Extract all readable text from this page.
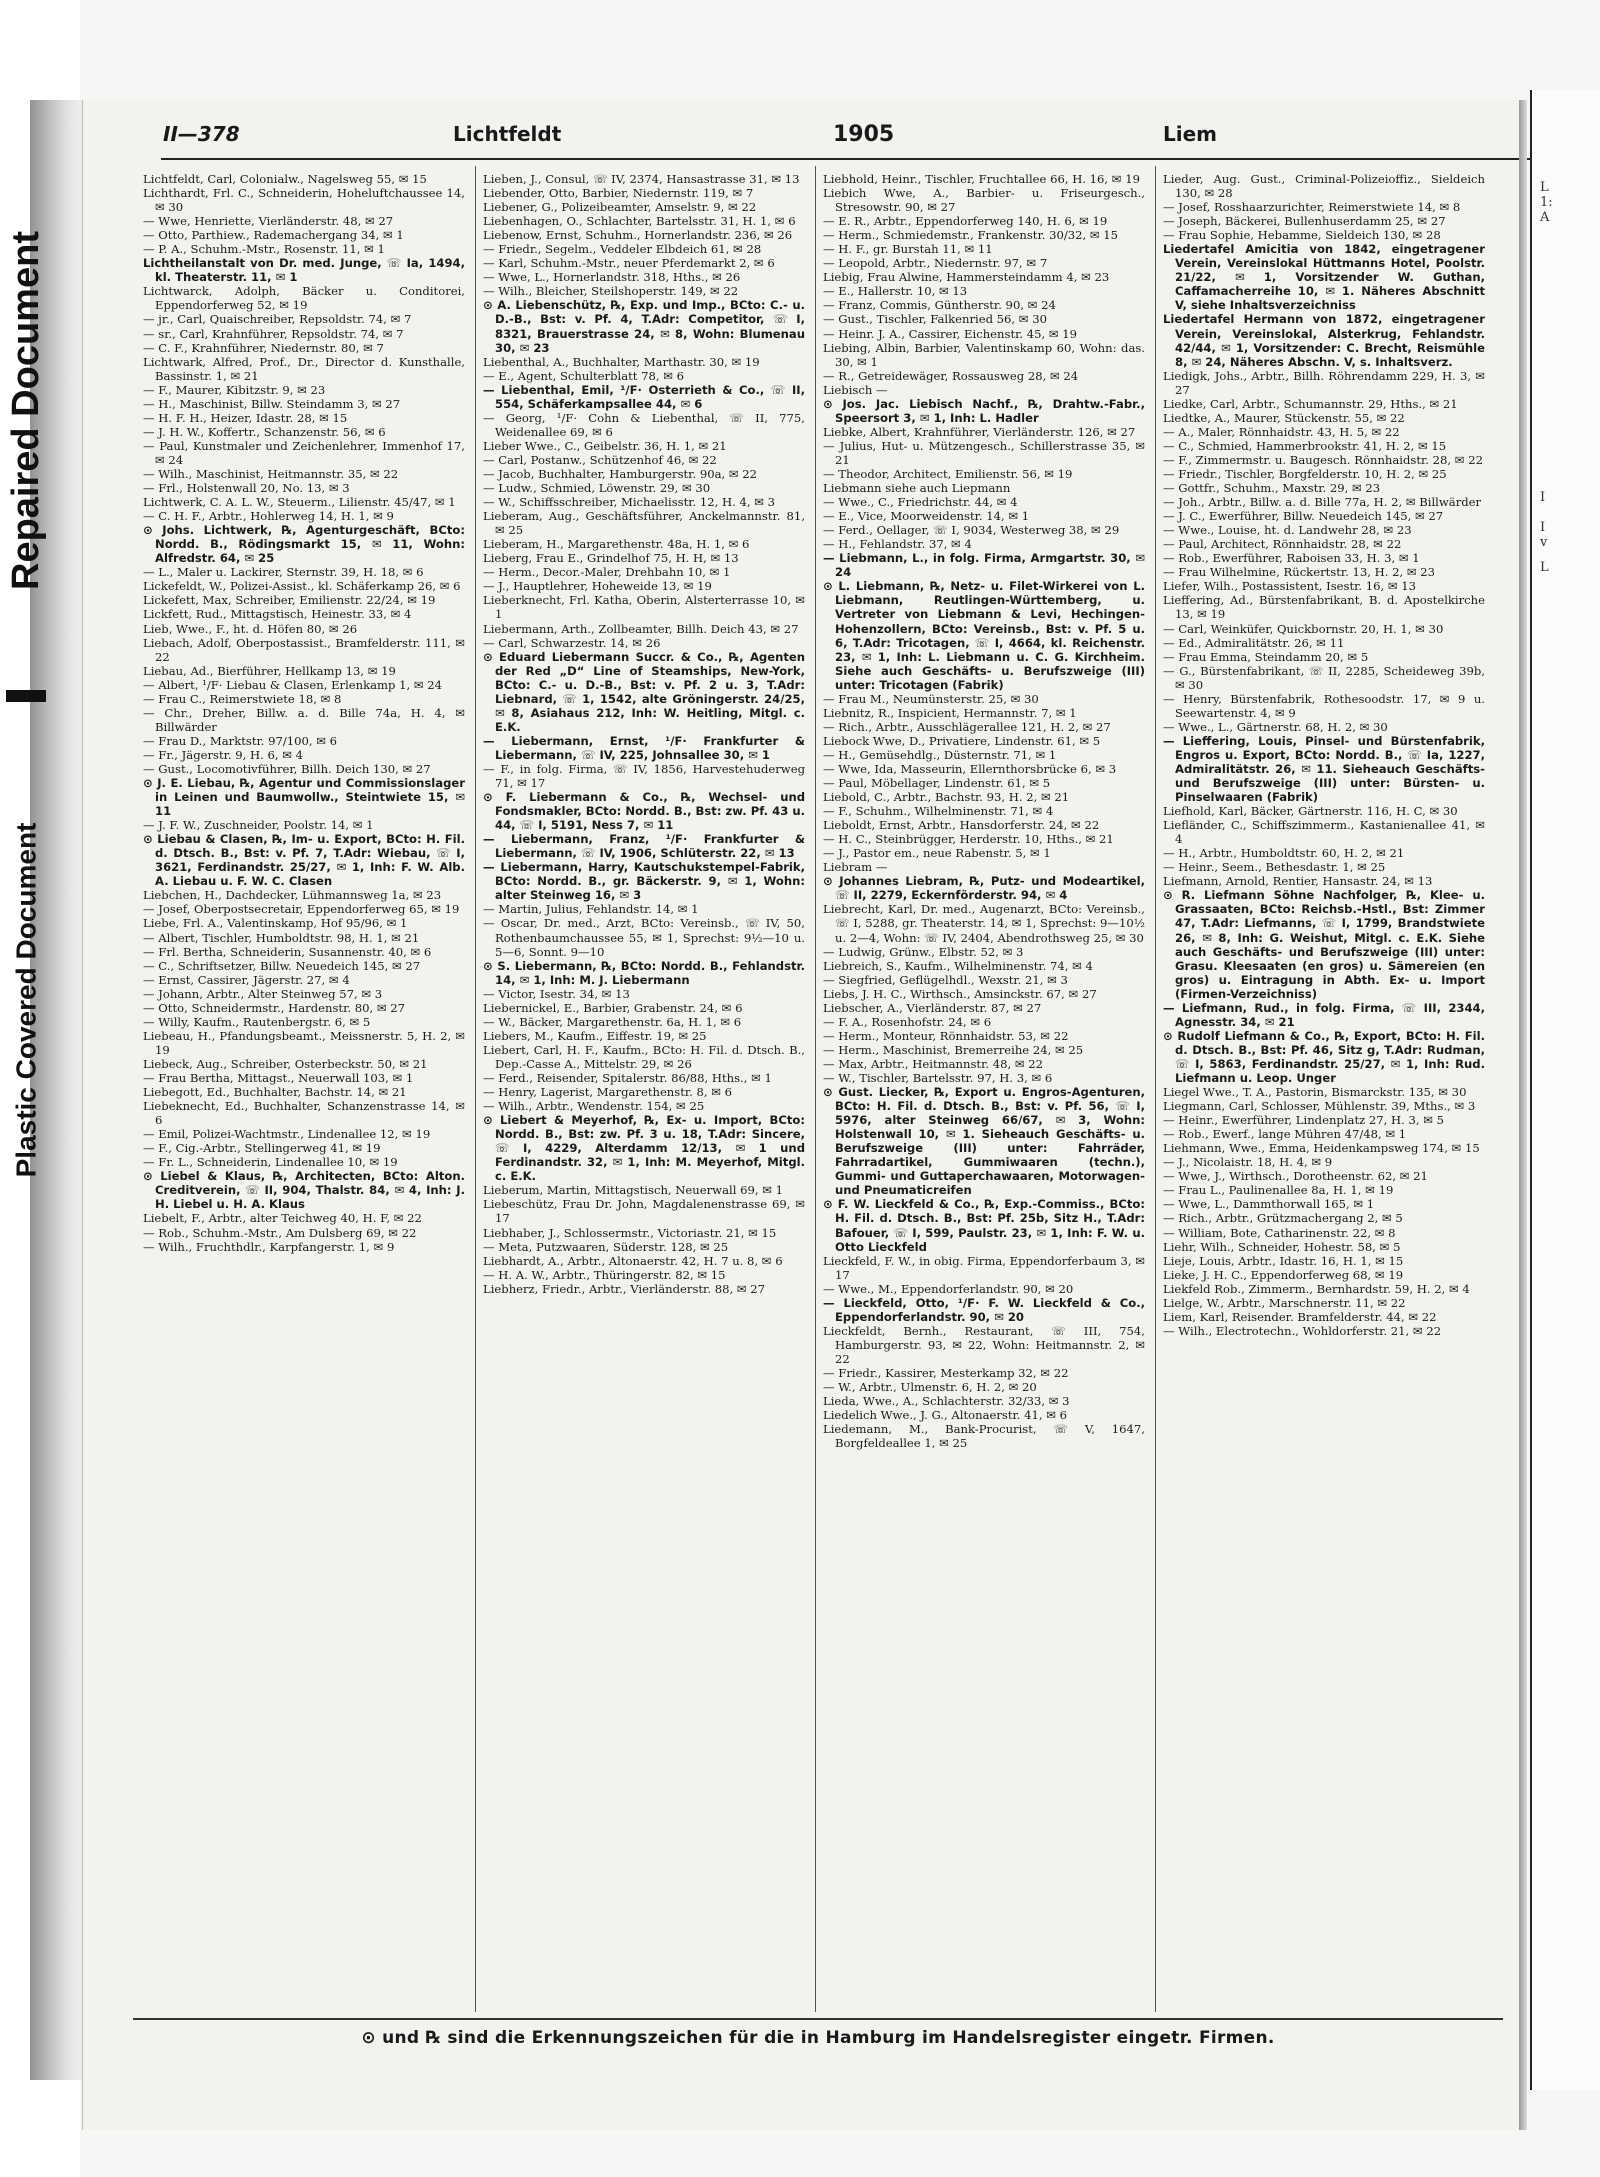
Repaired Document
Plastic Covered Document
L
1:
A
I
I
v
L
II—378	Lichtfeldt	1905	Liem

Lichtfeldt, Carl, Colonialw., Nagelsweg 55, ✉ 15

Lichthardt, Frl. C., Schneiderin, Hoheluftchaussee 14, ✉ 30

— Wwe, Henriette, Vierländerstr. 48, ✉ 27

— Otto, Parthiew., Rademachergang 34, ✉ 1

— P. A., Schuhm.-Mstr., Rosenstr. 11, ✉ 1

Lichtheilanstalt von Dr. med. Junge, ☏ Ia, 1494, kl. Theaterstr. 11, ✉ 1

Lichtwarck, Adolph, Bäcker u. Conditorei, Eppendorferweg 52, ✉ 19

— jr., Carl, Quaischreiber, Repsoldstr. 74, ✉ 7

— sr., Carl, Krahnführer, Repsoldstr. 74, ✉ 7

— C. F., Krahnführer, Niedernstr. 80, ✉ 7

Lichtwark, Alfred, Prof., Dr., Director d. Kunsthalle, Bassinstr. 1, ✉ 21

— F., Maurer, Kibitzstr. 9, ✉ 23

— H., Maschinist, Billw. Steindamm 3, ✉ 27

— H. F. H., Heizer, Idastr. 28, ✉ 15

— J. H. W., Koffertr., Schanzenstr. 56, ✉ 6

— Paul, Kunstmaler und Zeichenlehrer, Immenhof 17, ✉ 24

— Wilh., Maschinist, Heitmannstr. 35, ✉ 22

— Frl., Holstenwall 20, No. 13, ✉ 3

Lichtwerk, C. A. L. W., Steuerm., Lilienstr. 45/47, ✉ 1

— C. H. F., Arbtr., Hohlerweg 14, H. 1, ✉ 9

⊙ Johs. Lichtwerk, ℞, Agenturgeschäft, BCto: Nordd. B., Rödingsmarkt 15, ✉ 11, Wohn: Alfredstr. 64, ✉ 25

— L., Maler u. Lackirer, Sternstr. 39, H. 18, ✉ 6

Lickefeldt, W., Polizei-Assist., kl. Schäferkamp 26, ✉ 6

Lickefett, Max, Schreiber, Emilienstr. 22/24, ✉ 19

Lickfett, Rud., Mittagstisch, Heinestr. 33, ✉ 4

Lieb, Wwe., F., ht. d. Höfen 80, ✉ 26

Liebach, Adolf, Oberpostassist., Bramfelderstr. 111, ✉ 22

Liebau, Ad., Bierführer, Hellkamp 13, ✉ 19

— Albert, ¹/F· Liebau & Clasen, Erlenkamp 1, ✉ 24

— Frau C., Reimerstwiete 18, ✉ 8

— Chr., Dreher, Billw. a. d. Bille 74a, H. 4, ✉ Billwärder

— Frau D., Marktstr. 97/100, ✉ 6

— Fr., Jägerstr. 9, H. 6, ✉ 4

— Gust., Locomotivführer, Billh. Deich 130, ✉ 27

⊙ J. E. Liebau, ℞, Agentur und Commissionslager in Leinen und Baumwollw., Steintwiete 15, ✉ 11

— J. F. W., Zuschneider, Poolstr. 14, ✉ 1

⊙ Liebau & Clasen, ℞, Im- u. Export, BCto: H. Fil. d. Dtsch. B., Bst: v. Pf. 7, T.Adr: Wiebau, ☏ I, 3621, Ferdinandstr. 25/27, ✉ 1, Inh: F. W. Alb. A. Liebau u. F. W. C. Clasen

Liebchen, H., Dachdecker, Lühmannsweg 1a, ✉ 23

— Josef, Oberpostsecretair, Eppendorferweg 65, ✉ 19

Liebe, Frl. A., Valentinskamp, Hof 95/96, ✉ 1

— Albert, Tischler, Humboldtstr. 98, H. 1, ✉ 21

— Frl. Bertha, Schneiderin, Susannenstr. 40, ✉ 6

— C., Schriftsetzer, Billw. Neuedeich 145, ✉ 27

— Ernst, Cassirer, Jägerstr. 27, ✉ 4

— Johann, Arbtr., Alter Steinweg 57, ✉ 3

— Otto, Schneidermstr., Hardenstr. 80, ✉ 27

— Willy, Kaufm., Rautenbergstr. 6, ✉ 5

Liebeau, H., Pfandungsbeamt., Meissnerstr. 5, H. 2, ✉ 19

Liebeck, Aug., Schreiber, Osterbeckstr. 50, ✉ 21

— Frau Bertha, Mittagst., Neuerwall 103, ✉ 1

Liebegott, Ed., Buchhalter, Bachstr. 14, ✉ 21

Liebeknecht, Ed., Buchhalter, Schanzenstrasse 14, ✉ 6

— Emil, Polizei-Wachtmstr., Lindenallee 12, ✉ 19

— F., Cig.-Arbtr., Stellingerweg 41, ✉ 19

— Fr. L., Schneiderin, Lindenallee 10, ✉ 19

⊙ Liebel & Klaus, ℞, Architecten, BCto: Alton. Creditverein, ☏ II, 904, Thalstr. 84, ✉ 4, Inh: J. H. Liebel u. H. A. Klaus

Liebelt, F., Arbtr., alter Teichweg 40, H. F, ✉ 22

— Rob., Schuhm.-Mstr., Am Dulsberg 69, ✉ 22

— Wilh., Fruchthdlr., Karpfangerstr. 1, ✉ 9

Lieben, J., Consul, ☏ IV, 2374, Hansastrasse 31, ✉ 13

Liebender, Otto, Barbier, Niedernstr. 119, ✉ 7

Liebener, G., Polizeibeamter, Amselstr. 9, ✉ 22

Liebenhagen, O., Schlachter, Bartelsstr. 31, H. 1, ✉ 6

Liebenow, Ernst, Schuhm., Hornerlandstr. 236, ✉ 26

— Friedr., Segelm., Veddeler Elbdeich 61, ✉ 28

— Karl, Schuhm.-Mstr., neuer Pferdemarkt 2, ✉ 6

— Wwe, L., Hornerlandstr. 318, Hths., ✉ 26

— Wilh., Bleicher, Steilshoperstr. 149, ✉ 22

⊙ A. Liebenschütz, ℞, Exp. und Imp., BCto: C.- u. D.-B., Bst: v. Pf. 4, T.Adr: Competitor, ☏ I, 8321, Brauerstrasse 24, ✉ 8, Wohn: Blumenau 30, ✉ 23

Liebenthal, A., Buchhalter, Marthastr. 30, ✉ 19

— E., Agent, Schulterblatt 78, ✉ 6

— Liebenthal, Emil, ¹/F· Osterrieth & Co., ☏ II, 554, Schäferkampsallee 44, ✉ 6

— Georg, ¹/F· Cohn & Liebenthal, ☏ II, 775, Weidenallee 69, ✉ 6

Lieber Wwe., C., Geibelstr. 36, H. 1, ✉ 21

— Carl, Postanw., Schützenhof 46, ✉ 22

— Jacob, Buchhalter, Hamburgerstr. 90a, ✉ 22

— Ludw., Schmied, Löwenstr. 29, ✉ 30

— W., Schiffsschreiber, Michaelisstr. 12, H. 4, ✉ 3

Lieberam, Aug., Geschäftsführer, Anckelmannstr. 81, ✉ 25

Lieberam, H., Margarethenstr. 48a, H. 1, ✉ 6

Lieberg, Frau E., Grindelhof 75, H. H, ✉ 13

— Herm., Decor.-Maler, Drehbahn 10, ✉ 1

— J., Hauptlehrer, Hoheweide 13, ✉ 19

Lieberknecht, Frl. Katha, Oberin, Alsterterrasse 10, ✉ 1

Liebermann, Arth., Zollbeamter, Billh. Deich 43, ✉ 27

— Carl, Schwarzestr. 14, ✉ 26

⊙ Eduard Liebermann Succr. & Co., ℞, Agenten der Red „D“ Line of Steamships, New-York, BCto: C.- u. D.-B., Bst: v. Pf. 2 u. 3, T.Adr: Liebnard, ☏ 1, 1542, alte Gröningerstr. 24/25, ✉ 8, Asiahaus 212, Inh: W. Heitling, Mitgl. c. E.K.

— Liebermann, Ernst, ¹/F· Frankfurter & Liebermann, ☏ IV, 225, Johnsallee 30, ✉ 1

— F., in folg. Firma, ☏ IV, 1856, Harvestehuderweg 71, ✉ 17

⊙ F. Liebermann & Co., ℞, Wechsel- und Fondsmakler, BCto: Nordd. B., Bst: zw. Pf. 43 u. 44, ☏ I, 5191, Ness 7, ✉ 11

— Liebermann, Franz, ¹/F· Frankfurter & Liebermann, ☏ IV, 1906, Schlüterstr. 22, ✉ 13

— Liebermann, Harry, Kautschukstempel-Fabrik, BCto: Nordd. B., gr. Bäckerstr. 9, ✉ 1, Wohn: alter Steinweg 16, ✉ 3

— Martin, Julius, Fehlandstr. 14, ✉ 1

— Oscar, Dr. med., Arzt, BCto: Vereinsb., ☏ IV, 50, Rothenbaumchaussee 55, ✉ 1, Sprechst: 9½—10 u. 5—6, Sonnt. 9—10

⊙ S. Liebermann, ℞, BCto: Nordd. B., Fehlandstr. 14, ✉ 1, Inh: M. J. Liebermann

— Victor, Isestr. 34, ✉ 13

Liebernickel, E., Barbier, Grabenstr. 24, ✉ 6

— W., Bäcker, Margarethenstr. 6a, H. 1, ✉ 6

Liebers, M., Kaufm., Eiffestr. 19, ✉ 25

Liebert, Carl, H. F., Kaufm., BCto: H. Fil. d. Dtsch. B., Dep.-Casse A., Mittelstr. 29, ✉ 26

— Ferd., Reisender, Spitalerstr. 86/88, Hths., ✉ 1

— Henry, Lagerist, Margarethenstr. 8, ✉ 6

— Wilh., Arbtr., Wendenstr. 154, ✉ 25

⊙ Liebert & Meyerhof, ℞, Ex- u. Import, BCto: Nordd. B., Bst: zw. Pf. 3 u. 18, T.Adr: Sincere, ☏ I, 4229, Alterdamm 12/13, ✉ 1 und Ferdinandstr. 32, ✉ 1, Inh: M. Meyerhof, Mitgl. c. E.K.

Lieberum, Martin, Mittagstisch, Neuerwall 69, ✉ 1

Liebeschütz, Frau Dr. John, Magdalenenstrasse 69, ✉ 17

Liebhaber, J., Schlossermstr., Victoriastr. 21, ✉ 15

— Meta, Putzwaaren, Süderstr. 128, ✉ 25

Liebhardt, A., Arbtr., Altonaerstr. 42, H. 7 u. 8, ✉ 6

— H. A. W., Arbtr., Thüringerstr. 82, ✉ 15

Liebherz, Friedr., Arbtr., Vierländerstr. 88, ✉ 27

Liebhold, Heinr., Tischler, Fruchtallee 66, H. 16, ✉ 19

Liebich Wwe, A., Barbier- u. Friseurgesch., Stresowstr. 90, ✉ 27

— E. R., Arbtr., Eppendorferweg 140, H. 6, ✉ 19

— Herm., Schmiedemstr., Frankenstr. 30/32, ✉ 15

— H. F., gr. Burstah 11, ✉ 11

— Leopold, Arbtr., Niedernstr. 97, ✉ 7

Liebig, Frau Alwine, Hammersteindamm 4, ✉ 23

— E., Hallerstr. 10, ✉ 13

— Franz, Commis, Güntherstr. 90, ✉ 24

— Gust., Tischler, Falkenried 56, ✉ 30

— Heinr. J. A., Cassirer, Eichenstr. 45, ✉ 19

Liebing, Albin, Barbier, Valentinskamp 60, Wohn: das. 30, ✉ 1

— R., Getreidewäger, Rossausweg 28, ✉ 24

Liebisch —

⊙ Jos. Jac. Liebisch Nachf., ℞, Drahtw.-Fabr., Speersort 3, ✉ 1, Inh: L. Hadler

Liebke, Albert, Krahnführer, Vierländerstr. 126, ✉ 27

— Julius, Hut- u. Mützengesch., Schillerstrasse 35, ✉ 21

— Theodor, Architect, Emilienstr. 56, ✉ 19

Liebmann siehe auch Liepmann

— Wwe., C., Friedrichstr. 44, ✉ 4

— E., Vice, Moorweidenstr. 14, ✉ 1

— Ferd., Oellager, ☏ I, 9034, Westerweg 38, ✉ 29

— H., Fehlandstr. 37, ✉ 4

— Liebmann, L., in folg. Firma, Armgartstr. 30, ✉ 24

⊙ L. Liebmann, ℞, Netz- u. Filet-Wirkerei von L. Liebmann, Reutlingen-Württemberg, u. Vertreter von Liebmann & Levi, Hechingen-Hohenzollern, BCto: Vereinsb., Bst: v. Pf. 5 u. 6, T.Adr: Tricotagen, ☏ I, 4664, kl. Reichenstr. 23, ✉ 1, Inh: L. Liebmann u. C. G. Kirchheim. Siehe auch Geschäfts- u. Berufszweige (III) unter: Tricotagen (Fabrik)

— Frau M., Neumünsterstr. 25, ✉ 30

Liebnitz, R., Inspicient, Hermannstr. 7, ✉ 1

— Rich., Arbtr., Ausschlägerallee 121, H. 2, ✉ 27

Liebock Wwe, D., Privatiere, Lindenstr. 61, ✉ 5

— H., Gemüsehdlg., Düsternstr. 71, ✉ 1

— Wwe, Ida, Masseurin, Ellernthorsbrücke 6, ✉ 3

— Paul, Möbellager, Lindenstr. 61, ✉ 5

Liebold, C., Arbtr., Bachstr. 93, H. 2, ✉ 21

— F., Schuhm., Wilhelminenstr. 71, ✉ 4

Lieboldt, Ernst, Arbtr., Hansdorferstr. 24, ✉ 22

— H. C., Steinbrügger, Herderstr. 10, Hths., ✉ 21

— J., Pastor em., neue Rabenstr. 5, ✉ 1

Liebram —

⊙ Johannes Liebram, ℞, Putz- und Modeartikel, ☏ II, 2279, Eckernförderstr. 94, ✉ 4

Liebrecht, Karl, Dr. med., Augenarzt, BCto: Vereinsb., ☏ I, 5288, gr. Theaterstr. 14, ✉ 1, Sprechst: 9—10½ u. 2—4, Wohn: ☏ IV, 2404, Abendrothsweg 25, ✉ 30

— Ludwig, Grünw., Elbstr. 52, ✉ 3

Liebreich, S., Kaufm., Wilhelminenstr. 74, ✉ 4

— Siegfried, Geflügelhdl., Wexstr. 21, ✉ 3

Liebs, J. H. C., Wirthsch., Amsinckstr. 67, ✉ 27

Liebscher, A., Vierländerstr. 87, ✉ 27

— F. A., Rosenhofstr. 24, ✉ 6

— Herm., Monteur, Rönnhaidstr. 53, ✉ 22

— Herm., Maschinist, Bremerreihe 24, ✉ 25

— Max, Arbtr., Heitmannstr. 48, ✉ 22

— W., Tischler, Bartelsstr. 97, H. 3, ✉ 6

⊙ Gust. Liecker, ℞, Export u. Engros-Agenturen, BCto: H. Fil. d. Dtsch. B., Bst: v. Pf. 56, ☏ I, 5976, alter Steinweg 66/67, ✉ 3, Wohn: Holstenwall 10, ✉ 1. Sieheauch Geschäfts- u. Berufszweige (III) unter: Fahrräder, Fahrradartikel, Gummiwaaren (techn.), Gummi- und Guttaperchawaaren, Motorwagen- und Pneumaticreifen

⊙ F. W. Lieckfeld & Co., ℞, Exp.-Commiss., BCto: H. Fil. d. Dtsch. B., Bst: Pf. 25b, Sitz H., T.Adr: Bafouer, ☏ I, 599, Paulstr. 23, ✉ 1, Inh: F. W. u. Otto Lieckfeld

Lieckfeld, F. W., in obig. Firma, Eppendorferbaum 3, ✉ 17

— Wwe., M., Eppendorferlandstr. 90, ✉ 20

— Lieckfeld, Otto, ¹/F· F. W. Lieckfeld & Co., Eppendorferlandstr. 90, ✉ 20

Lieckfeldt, Bernh., Restaurant, ☏ III, 754, Hamburgerstr. 93, ✉ 22, Wohn: Heitmannstr. 2, ✉ 22

— Friedr., Kassirer, Mesterkamp 32, ✉ 22

— W., Arbtr., Ulmenstr. 6, H. 2, ✉ 20

Lieda, Wwe., A., Schlachterstr. 32/33, ✉ 3

Liedelich Wwe., J. G., Altonaerstr. 41, ✉ 6

Liedemann, M., Bank-Procurist, ☏ V, 1647, Borgfeldeallee 1, ✉ 25

Lieder, Aug. Gust., Criminal-Polizeioffiz., Sieldeich 130, ✉ 28

— Josef, Rosshaarzurichter, Reimerstwiete 14, ✉ 8

— Joseph, Bäckerei, Bullenhuserdamm 25, ✉ 27

— Frau Sophie, Hebamme, Sieldeich 130, ✉ 28

Liedertafel Amicitia von 1842, eingetragener Verein, Vereinslokal Hüttmanns Hotel, Poolstr. 21/22, ✉ 1, Vorsitzender W. Guthan, Caffamacherreihe 10, ✉ 1. Näheres Abschnitt V, siehe Inhaltsverzeichniss

Liedertafel Hermann von 1872, eingetragener Verein, Vereinslokal, Alsterkrug, Fehlandstr. 42/44, ✉ 1, Vorsitzender: C. Brecht, Reismühle 8, ✉ 24, Näheres Abschn. V, s. Inhaltsverz.

Liedigk, Johs., Arbtr., Billh. Röhrendamm 229, H. 3, ✉ 27

Liedke, Carl, Arbtr., Schumannstr. 29, Hths., ✉ 21

Liedtke, A., Maurer, Stückenstr. 55, ✉ 22

— A., Maler, Rönnhaidstr. 43, H. 5, ✉ 22

— C., Schmied, Hammerbrookstr. 41, H. 2, ✉ 15

— F., Zimmermstr. u. Baugesch. Rönnhaidstr. 28, ✉ 22

— Friedr., Tischler, Borgfelderstr. 10, H. 2, ✉ 25

— Gottfr., Schuhm., Maxstr. 29, ✉ 23

— Joh., Arbtr., Billw. a. d. Bille 77a, H. 2, ✉ Billwärder

— J. C., Ewerführer, Billw. Neuedeich 145, ✉ 27

— Wwe., Louise, ht. d. Landwehr 28, ✉ 23

— Paul, Architect, Rönnhaidstr. 28, ✉ 22

— Rob., Ewerführer, Raboisen 33, H. 3, ✉ 1

— Frau Wilhelmine, Rückertstr. 13, H. 2, ✉ 23

Liefer, Wilh., Postassistent, Isestr. 16, ✉ 13

Lieffering, Ad., Bürstenfabrikant, B. d. Apostelkirche 13, ✉ 19

— Carl, Weinküfer, Quickbornstr. 20, H. 1, ✉ 30

— Ed., Admiralitätstr. 26, ✉ 11

— Frau Emma, Steindamm 20, ✉ 5

— G., Bürstenfabrikant, ☏ II, 2285, Scheideweg 39b, ✉ 30

— Henry, Bürstenfabrik, Rothesoodstr. 17, ✉ 9 u. Seewartenstr. 4, ✉ 9

— Wwe., L., Gärtnerstr. 68, H. 2, ✉ 30

— Lieffering, Louis, Pinsel- und Bürstenfabrik, Engros u. Export, BCto: Nordd. B., ☏ Ia, 1227, Admiralitätstr. 26, ✉ 11. Sieheauch Geschäfts- und Berufszweige (III) unter: Bürsten- u. Pinselwaaren (Fabrik)

Liefhold, Karl, Bäcker, Gärtnerstr. 116, H. C, ✉ 30

Liefländer, C., Schiffszimmerm., Kastanienallee 41, ✉ 4

— H., Arbtr., Humboldtstr. 60, H. 2, ✉ 21

— Heinr., Seem., Bethesdastr. 1, ✉ 25

Liefmann, Arnold, Rentier, Hansastr. 24, ✉ 13

⊙ R. Liefmann Söhne Nachfolger, ℞, Klee- u. Grassaaten, BCto: Reichsb.-Hstl., Bst: Zimmer 47, T.Adr: Liefmanns, ☏ I, 1799, Brandstwiete 26, ✉ 8, Inh: G. Weishut, Mitgl. c. E.K. Siehe auch Geschäfts- und Berufszweige (III) unter: Grasu. Kleesaaten (en gros) u. Sämereien (en gros) u. Eintragung in Abth. Ex- u. Import (Firmen-Verzeichniss)

— Liefmann, Rud., in folg. Firma, ☏ III, 2344, Agnesstr. 34, ✉ 21

⊙ Rudolf Liefmann & Co., ℞, Export, BCto: H. Fil. d. Dtsch. B., Bst: Pf. 46, Sitz g, T.Adr: Rudman, ☏ I, 5863, Ferdinandstr. 25/27, ✉ 1, Inh: Rud. Liefmann u. Leop. Unger

Liegel Wwe., T. A., Pastorin, Bismarckstr. 135, ✉ 30

Liegmann, Carl, Schlosser, Mühlenstr. 39, Mths., ✉ 3

— Heinr., Ewerführer, Lindenplatz 27, H. 3, ✉ 5

— Rob., Ewerf., lange Mühren 47/48, ✉ 1

Liehmann, Wwe., Emma, Heidenkampsweg 174, ✉ 15

— J., Nicolaistr. 18, H. 4, ✉ 9

— Wwe, J., Wirthsch., Dorotheenstr. 62, ✉ 21

— Frau L., Paulinenallee 8a, H. 1, ✉ 19

— Wwe, L., Dammthorwall 165, ✉ 1

— Rich., Arbtr., Grützmachergang 2, ✉ 5

— William, Bote, Catharinenstr. 22, ✉ 8

Liehr, Wilh., Schneider, Hohestr. 58, ✉ 5

Lieje, Louis, Arbtr., Idastr. 16, H. 1, ✉ 15

Lieke, J. H. C., Eppendorferweg 68, ✉ 19

Liekfeld Rob., Zimmerm., Bernhardstr. 59, H. 2, ✉ 4

Lielge, W., Arbtr., Marschnerstr. 11, ✉ 22

Liem, Karl, Reisender. Bramfelderstr. 44, ✉ 22

— Wilh., Electrotechn., Wohldorferstr. 21, ✉ 22

⊙ und ℞ sind die Erkennungszeichen für die in Hamburg im Handelsregister eingetr. Firmen.
